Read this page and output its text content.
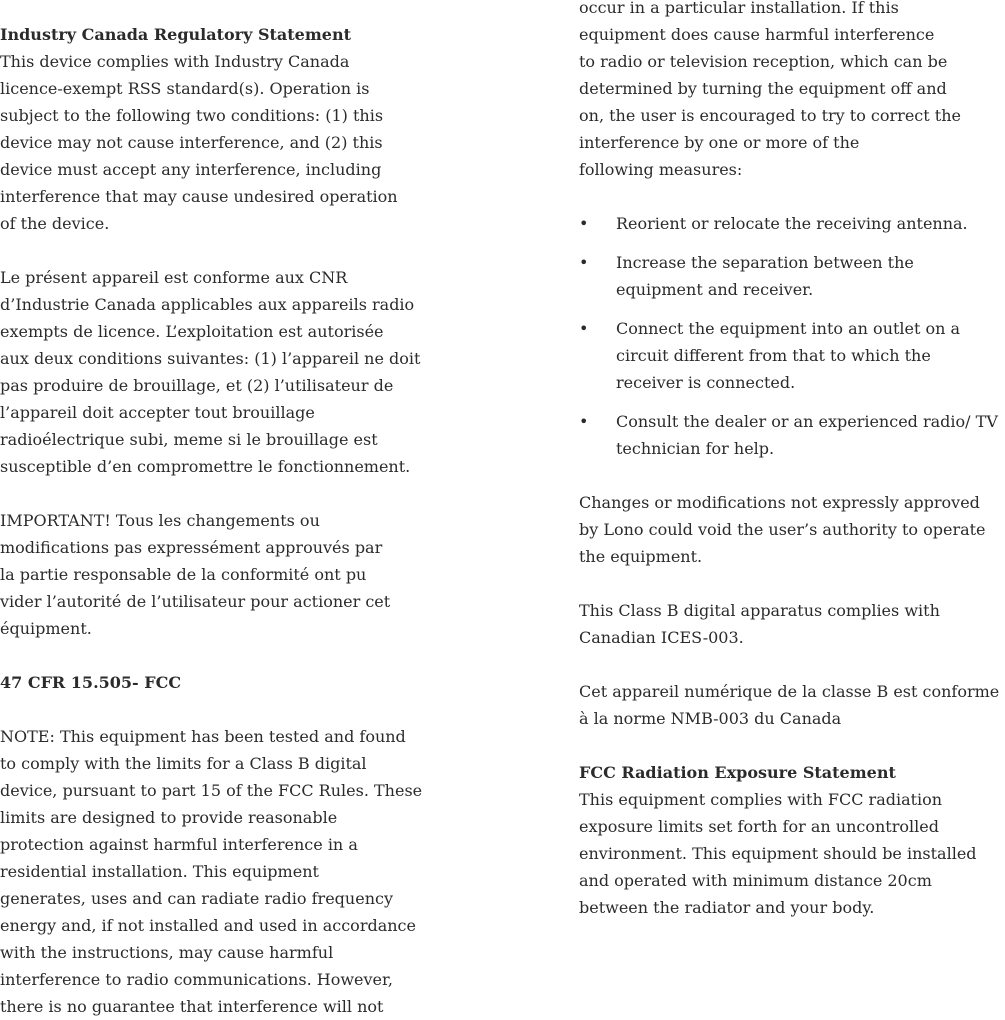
Industry Canada Regulatory Statement
This device complies with Industry Canada
licence-exempt RSS standard(s). Operation is
subject to the following two conditions: (1) this
device may not cause interference, and (2) this
device must accept any interference, including
interference that may cause undesired operation
of the device.
Le présent appareil est conforme aux CNR
d’Industrie Canada applicables aux appareils radio
exempts de licence. L’exploitation est autorisée
aux deux conditions suivantes: (1) l’appareil ne doit
pas produire de brouillage, et (2) l’utilisateur de
l’appareil doit accepter tout brouillage
radioélectrique subi, meme si le brouillage est
susceptible d’en compromettre le fonctionnement.
IMPORTANT! Tous les changements ou
modifications pas expressément approuvés par
la partie responsable de la conformité ont pu
vider l’autorité de l’utilisateur pour actioner cet
équipment.
47 CFR 15.505- FCC
NOTE: This equipment has been tested and found
to comply with the limits for a Class B digital
device, pursuant to part 15 of the FCC Rules. These
limits are designed to provide reasonable
protection against harmful interference in a
residential installation. This equipment
generates, uses and can radiate radio frequency
energy and, if not installed and used in accordance
with the instructions, may cause harmful
interference to radio communications. However,
there is no guarantee that interference will not
occur in a particular installation. If this
equipment does cause harmful interference
to radio or television reception, which can be
determined by turning the equipment off and
on, the user is encouraged to try to correct the
interference by one or more of the
following measures:
• Reorient or relocate the receiving antenna.
• Increase the separation between the
equipment and receiver.
• Connect the equipment into an outlet on a
circuit different from that to which the
receiver is connected.
• Consult the dealer or an experienced radio/ TV
technician for help.
Changes or modifications not expressly approved
by Lono could void the user’s authority to operate
the equipment.
This Class B digital apparatus complies with
Canadian ICES-003.
Cet appareil numérique de la classe B est conforme
à la norme NMB-003 du Canada
FCC Radiation Exposure Statement
This equipment complies with FCC radiation
exposure limits set forth for an uncontrolled
environment. This equipment should be installed
and operated with minimum distance 20cm
between the radiator and your body.
